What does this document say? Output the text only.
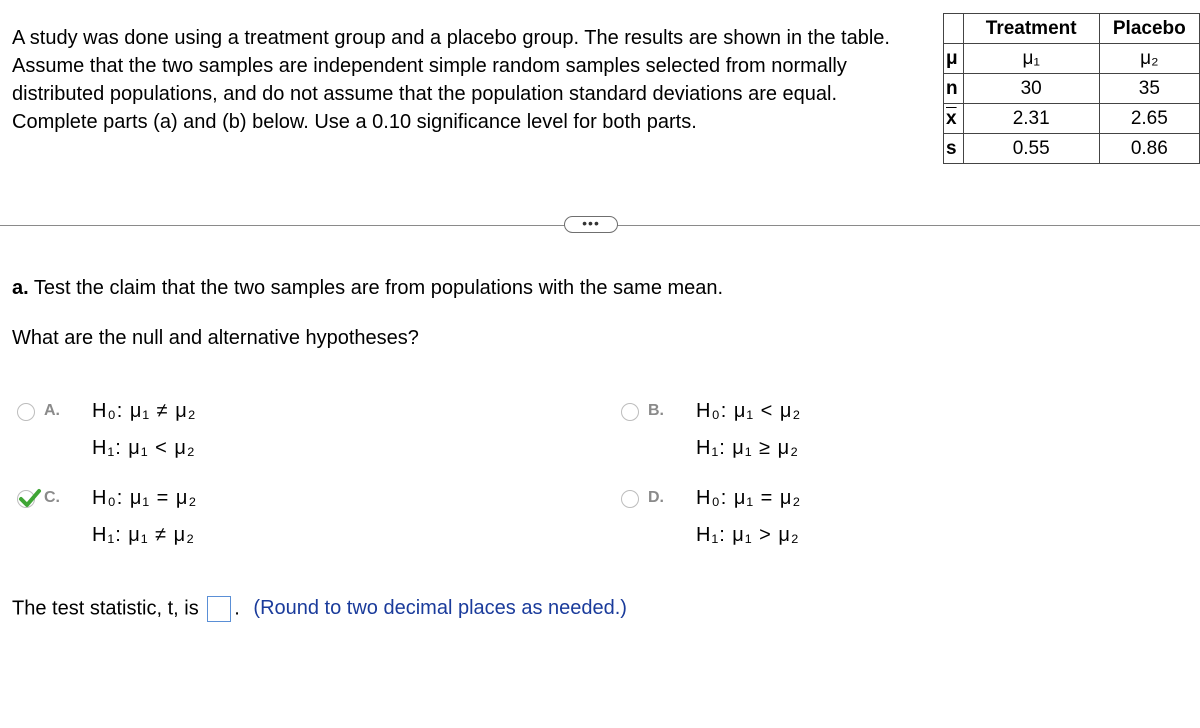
A study was done using a treatment group and a placebo group. The results are shown in the table. Assume that the two samples are independent simple random samples selected from normally distributed populations, and do not assume that the population standard deviations are equal. Complete parts (a) and (b) below. Use a 0.10 significance level for both parts.

	Treatment	Placebo
μ	μ₁	μ₂
n	30	35
$\overline{x}$	2.31	2.65
s	0.55	0.86
•••

a. Test the claim that the two samples are from populations with the same mean.

What are the null and alternative hypotheses?

A. H₀: μ₁ ≠ μ₂
H₁: μ₁ < μ₂
B. H₀: μ₁ < μ₂
H₁: μ₁ ≥ μ₂
C. H₀: μ₁ = μ₂
H₁: μ₁ ≠ μ₂
D. H₀: μ₁ = μ₂
H₁: μ₁ > μ₂
The test statistic, t, is . (Round to two decimal places as needed.)
